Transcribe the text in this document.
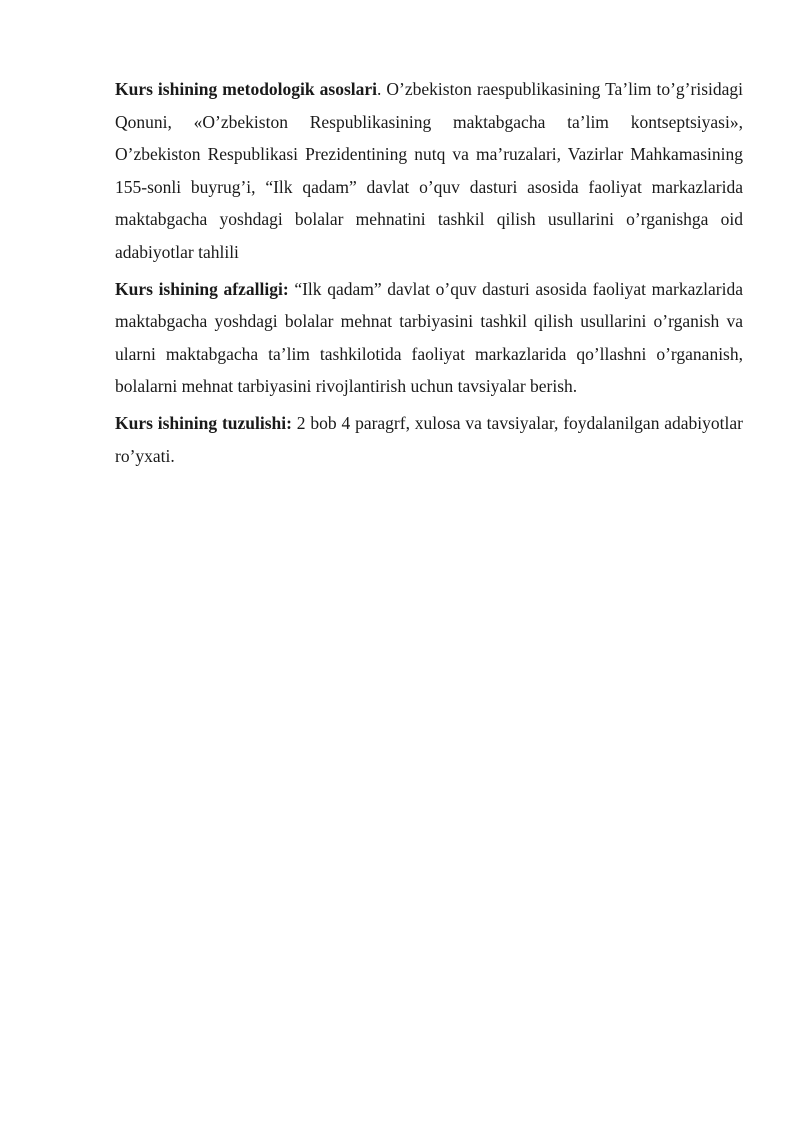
Kurs ishining metodologik asoslari. O’zbekiston raespublikasining Ta’lim to’g’risidagi Qonuni, «O’zbekiston Respublikasining maktabgacha ta’lim kontseptsiyasi», O’zbekiston Respublikasi Prezidentining nutq va ma’ruzalari, Vazirlar Mahkamasining 155-sonli buyrug’i, “Ilk qadam” davlat o’quv dasturi asosida faoliyat markazlarida maktabgacha yoshdagi bolalar mehnatini tashkil qilish usullarini o’rganishga oid adabiyotlar tahlili

Kurs ishining afzalligi: “Ilk qadam” davlat o’quv dasturi asosida faoliyat markazlarida maktabgacha yoshdagi bolalar mehnat tarbiyasini tashkil qilish usullarini o’rganish va ularni maktabgacha ta’lim tashkilotida faoliyat markazlarida qo’llashni o’rgananish, bolalarni mehnat tarbiyasini rivojlantirish uchun tavsiyalar berish.

Kurs ishining tuzulishi: 2 bob 4 paragrf, xulosa va tavsiyalar, foydalanilgan adabiyotlar ro’yxati.
